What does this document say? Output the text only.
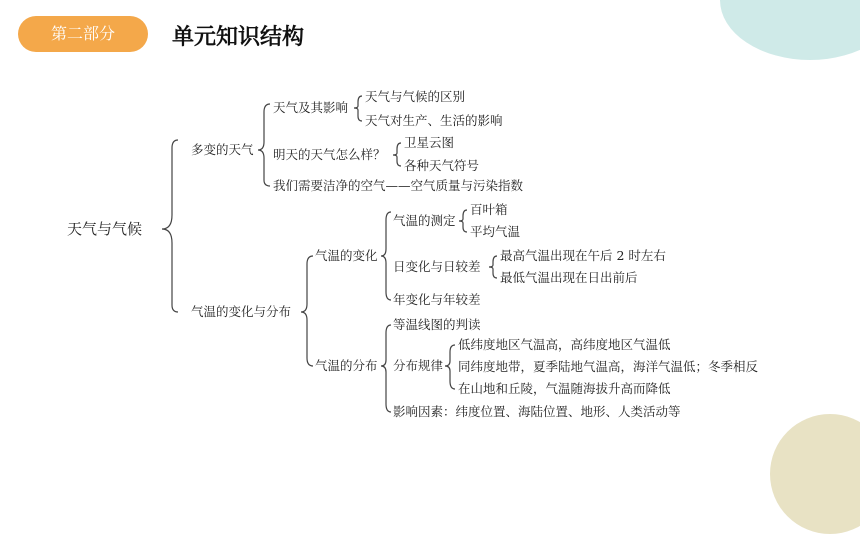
第二部分	单元知识结构
天气与气候
多变的天气
天气及其影响
天气与气候的区别
天气对生产、生活的影响
明天的天气怎么样？
卫星云图
各种天气符号
我们需要洁净的空气——空气质量与污染指数
气温的变化与分布
气温的变化
气温的测定
百叶箱
平均气温
日变化与日较差
最高气温出现在午后 2 时左右
最低气温出现在日出前后
年变化与年较差
气温的分布
等温线图的判读
分布规律
低纬度地区气温高，高纬度地区气温低
同纬度地带，夏季陆地气温高，海洋气温低；冬季相反
在山地和丘陵，气温随海拔升高而降低
影响因素：纬度位置、海陆位置、地形、人类活动等
